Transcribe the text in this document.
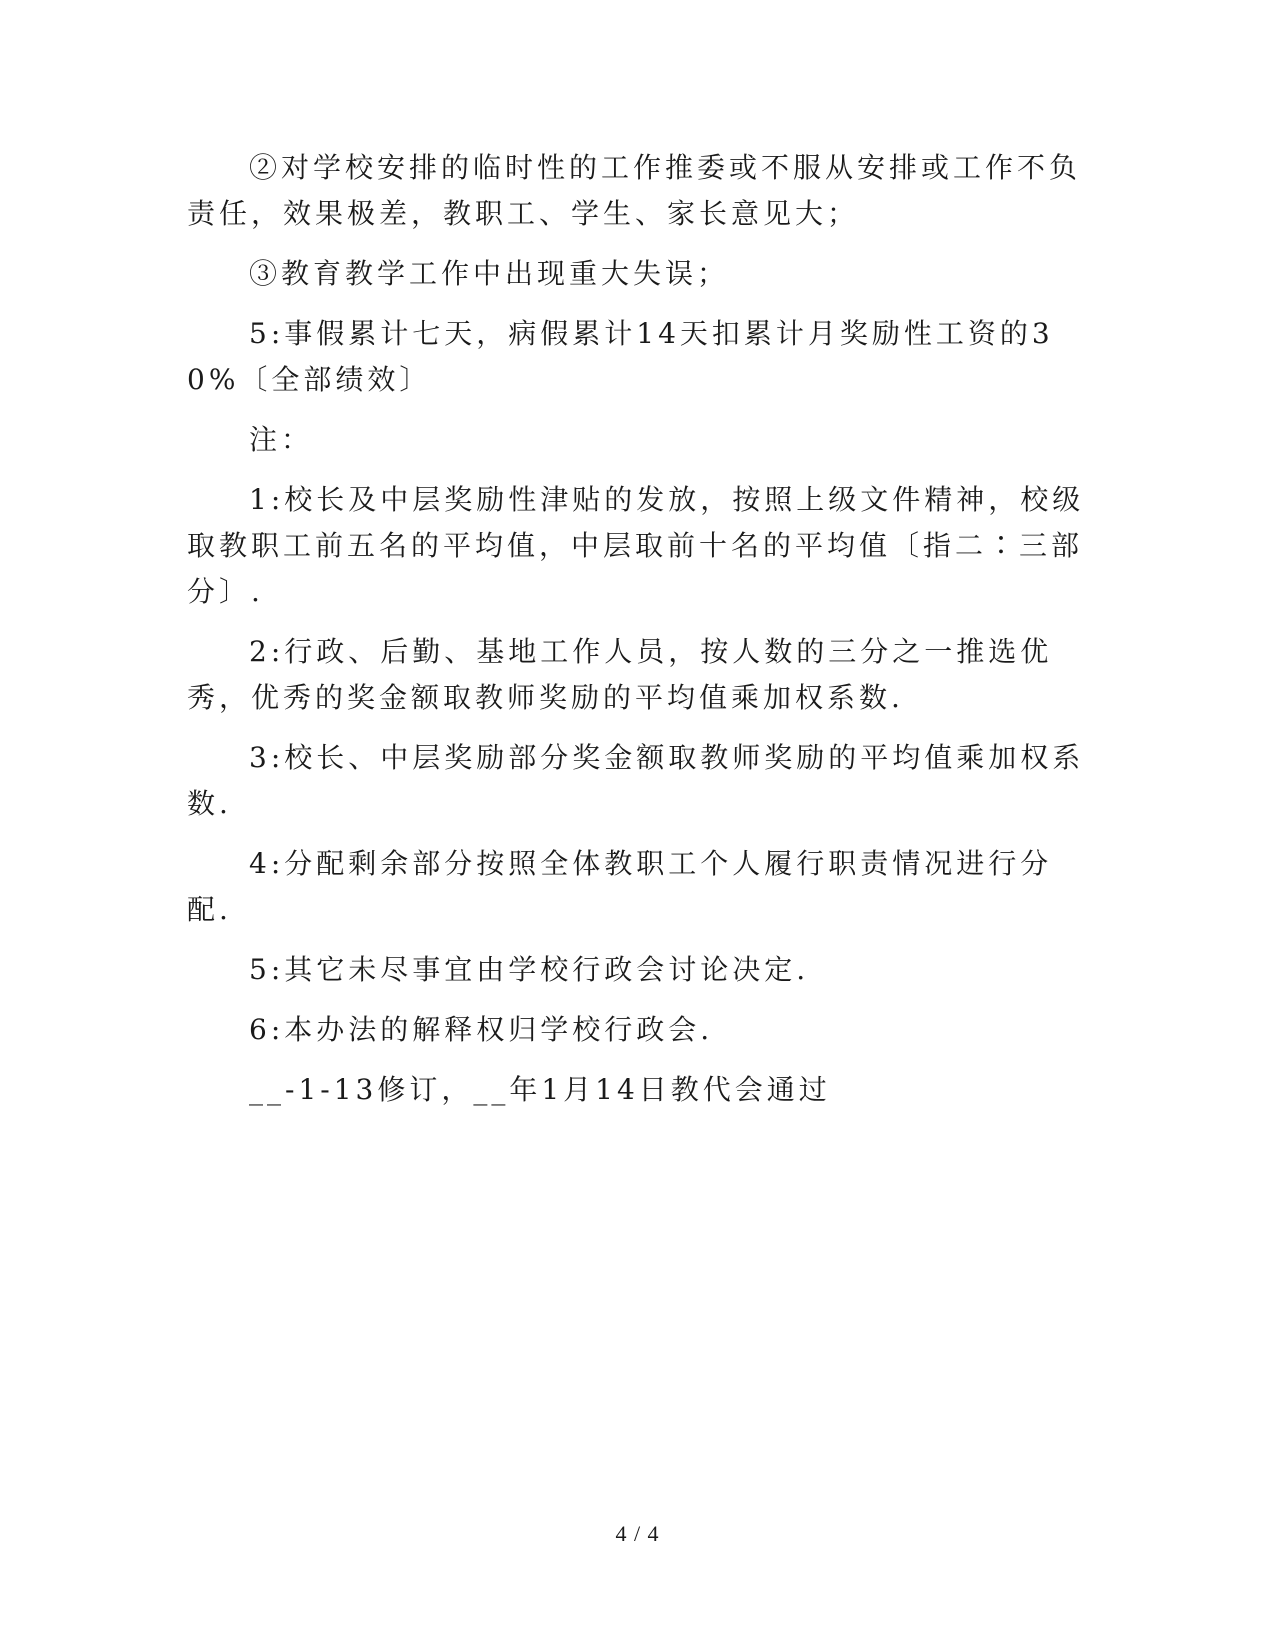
②对学校安排的临时性的工作推委或不服从安排或工作不负责任，效果极差，教职工、学生、家长意见大；

③教育教学工作中出现重大失误；

5:事假累计七天，病假累计14天扣累计月奖励性工资的30%〔全部绩效〕

注：

1:校长及中层奖励性津贴的发放，按照上级文件精神，校级取教职工前五名的平均值，中层取前十名的平均值〔指二∶三部分〕.

2:行政、后勤、基地工作人员，按人数的三分之一推选优秀，优秀的奖金额取教师奖励的平均值乘加权系数.

3:校长、中层奖励部分奖金额取教师奖励的平均值乘加权系数.

4:分配剩余部分按照全体教职工个人履行职责情况进行分配.

5:其它未尽事宜由学校行政会讨论决定.

6:本办法的解释权归学校行政会.

__-1-13修订，__年1月14日教代会通过

4 / 4
